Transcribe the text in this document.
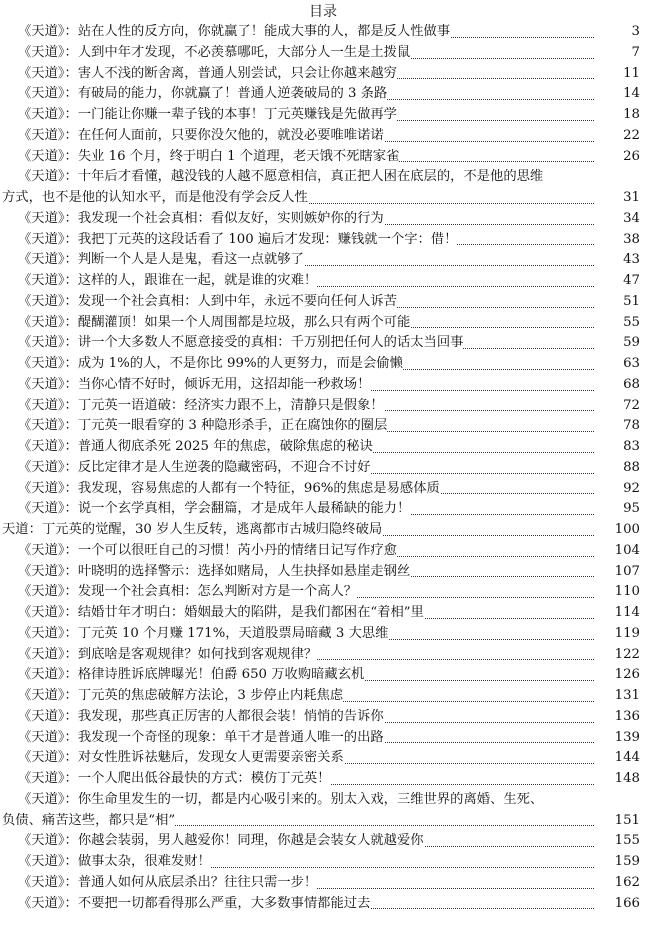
目录
《天道》：站在人性的反方向，你就赢了！能成大事的人，都是反人性做事	3
《天道》：人到中年才发现，不必羡慕哪吒，大部分人一生是土拨鼠	7
《天道》：害人不浅的断舍离，普通人别尝试，只会让你越来越穷	11
《天道》：有破局的能力，你就赢了！普通人逆袭破局的 3 条路	14
《天道》：一门能让你赚一辈子钱的本事！丁元英赚钱是先做再学	18
《天道》：在任何人面前，只要你没欠他的，就没必要唯唯诺诺	22
《天道》：失业 16 个月，终于明白 1 个道理，老天饿不死瞎家雀	26
《天道》：十年后才看懂，越没钱的人越不愿意相信，真正把人困在底层的，不是他的思维
方式，也不是他的认知水平，而是他没有学会反人性	31
《天道》：我发现一个社会真相：看似友好，实则嫉妒你的行为	34
《天道》：我把丁元英的这段话看了 100 遍后才发现：赚钱就一个字：借！	38
《天道》：判断一个人是人是鬼，看这一点就够了	43
《天道》：这样的人，跟谁在一起，就是谁的灾难！	47
《天道》：发现一个社会真相：人到中年，永远不要向任何人诉苦	51
《天道》：醍醐灌顶！如果一个人周围都是垃圾，那么只有两个可能	55
《天道》：讲一个大多数人不愿意接受的真相：千万别把任何人的话太当回事	59
《天道》：成为 1%的人，不是你比 99%的人更努力，而是会偷懒	63
《天道》：当你心情不好时，倾诉无用，这招却能一秒救场！	68
《天道》：丁元英一语道破：经济实力跟不上，清静只是假象！	72
《天道》：丁元英一眼看穿的 3 种隐形杀手，正在腐蚀你的圈层	78
《天道》：普通人彻底杀死 2025 年的焦虑，破除焦虑的秘诀	83
《天道》：反比定律才是人生逆袭的隐藏密码，不迎合不讨好	88
《天道》：我发现，容易焦虑的人都有一个特征，96%的焦虑是易感体质	92
《天道》：说一个玄学真相，学会翻篇，才是成年人最稀缺的能力！	95
天道：丁元英的觉醒，30 岁人生反转，逃离都市古城归隐终破局	100
《天道》：一个可以很旺自己的习惯！芮小丹的情绪日记写作疗愈	104
《天道》：叶晓明的选择警示：选择如赌局，人生抉择如悬崖走钢丝	107
《天道》：发现一个社会真相：怎么判断对方是一个高人？	110
《天道》：结婚廿年才明白：婚姻最大的陷阱，是我们都困在“着相”里	114
《天道》：丁元英 10 个月赚 171%，天道股票局暗藏 3 大思维	119
《天道》：到底啥是客观规律？如何找到客观规律？	122
《天道》：格律诗胜诉底牌曝光！伯爵 650 万收购暗藏玄机	126
《天道》：丁元英的焦虑破解方法论，3 步停止内耗焦虑	131
《天道》：我发现，那些真正厉害的人都很会装！悄悄的告诉你	136
《天道》：我发现一个奇怪的现象：单干才是普通人唯一的出路	139
《天道》：对女性胜诉祛魅后，发现女人更需要亲密关系	144
《天道》：一个人爬出低谷最快的方式：模仿丁元英！	148
《天道》：你生命里发生的一切，都是内心吸引来的。别太入戏，三维世界的离婚、生死、
负债、痛苦这些，都只是“相”	151
《天道》：你越会装弱，男人越爱你！同理，你越是会装女人就越爱你	155
《天道》：做事太杂，很难发财！	159
《天道》：普通人如何从底层杀出？往往只需一步！	162
《天道》：不要把一切都看得那么严重，大多数事情都能过去	166
